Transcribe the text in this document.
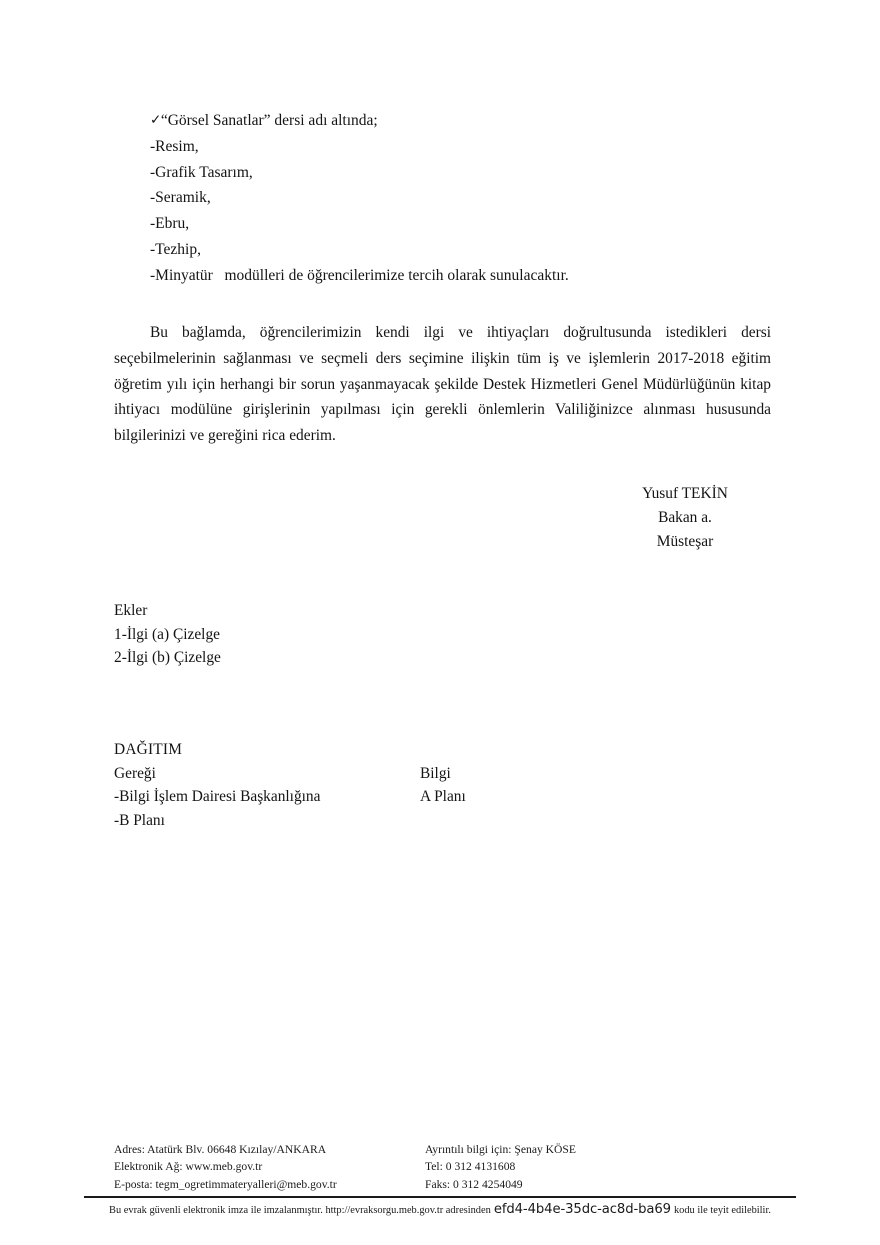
✓“Görsel Sanatlar” dersi adı altında;
-Resim,
-Grafik Tasarım,
-Seramik,
-Ebru,
-Tezhip,
-Minyatür   modülleri de öğrencilerimize tercih olarak sunulacaktır.

Bu bağlamda, öğrencilerimizin kendi ilgi ve ihtiyaçları doğrultusunda istedikleri dersi seçebilmelerinin sağlanması ve seçmeli ders seçimine ilişkin tüm iş ve işlemlerin 2017-2018 eğitim öğretim yılı için herhangi bir sorun yaşanmayacak şekilde Destek Hizmetleri Genel Müdürlüğünün kitap ihtiyacı modülüne girişlerinin yapılması için gerekli önlemlerin Valiliğinizce alınması hususunda bilgilerinizi ve gereğini rica ederim.

Yusuf TEKİN
Bakan a.
Müsteşar
Ekler
1-İlgi (a) Çizelge
2-İlgi (b) Çizelge
DAĞITIM
Gereği	Bilgi
-Bilgi İşlem Dairesi Başkanlığına	A Planı
-B Planı
Adres: Atatürk Blv. 06648 Kızılay/ANKARA
Elektronik Ağ: www.meb.gov.tr
E-posta: tegm_ogretimmateryalleri@meb.gov.tr
Ayrıntılı bilgi için: Şenay KÖSE
Tel: 0 312 4131608
Faks: 0 312 4254049
Bu evrak güvenli elektronik imza ile imzalanmıştır. http://evraksorgu.meb.gov.tr adresinden efd4-4b4e-35dc-ac8d-ba69 kodu ile teyit edilebilir.
